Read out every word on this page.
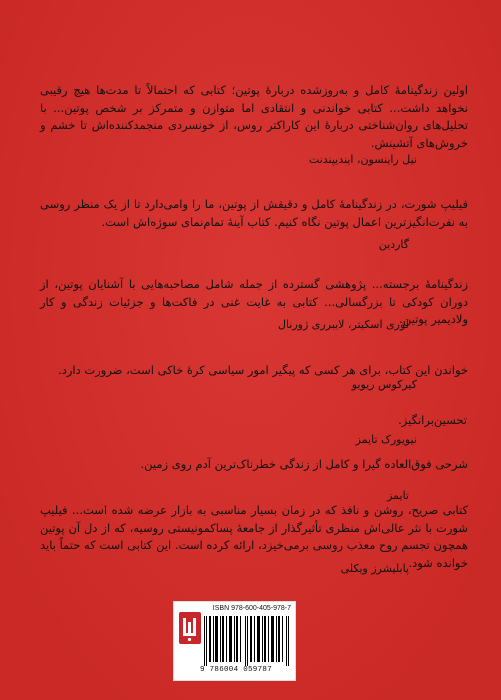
اولین زندگینامهٔ کامل و به‌روزشده دربارهٔ پوتین؛ کتابی که احتمالاً تا مدت‌ها هیچ رقیبی نخواهد داشت... کتابی خواندنی و انتقادی اما متوازن و متمرکز بر شخص پوتین... با تحلیل‌های روان‌شناختی دربارهٔ این کاراکتر روس، از خونسردی منجمدکننده‌اش تا خشم و خروش‌های آتشینش.
نیل راینسون، ایندیپندنت
فیلیپ شورت، در زندگینامهٔ کامل و دقیقش از پوتین، ما را وامی‌دارد تا از یک منظر روسی به نفرت‌انگیزترین اعمال پوتین نگاه کنیم. کتاب آینهٔ تمام‌نمای سوژه‌اش است.
گاردین
زندگینامهٔ برجسته... پژوهشی گسترده از جمله شامل مصاحبه‌هایی با آشنایان پوتین، از دوران کودکی تا بزرگسالی... کتابی به غایت غنی در فاکت‌ها و جزئیات زندگی و کار ولادیمیر پوتین.
لوری اسکیتر، لایبرری ژورنال
خواندن این کتاب، برای هر کسی که پیگیر امور سیاسی کرهٔ خاکی است، ضرورت دارد.
کیرکوس ریویو
تحسین‌برانگیز.
نیویورک تایمز
شرحی فوق‌العاده گیرا و کامل از زندگی خطرناک‌ترین آدم روی زمین.
تایمز
کتابی صریح، روشن و نافذ که در زمان بسیار مناسبی به بازار عرضه شده است... فیلیپ شورت با نثر عالی‌اش منظری تأثیرگذار از جامعهٔ پساکمونیستی روسیه، که از دل آن پوتین همچون تجسم روح معذب روسی برمی‌خیزد، ارائه کرده است. این کتابی است که حتماً باید خوانده شود.
پابلیشرز ویکلی
ISBN 978-600-405-978-7
9 786004 059787
